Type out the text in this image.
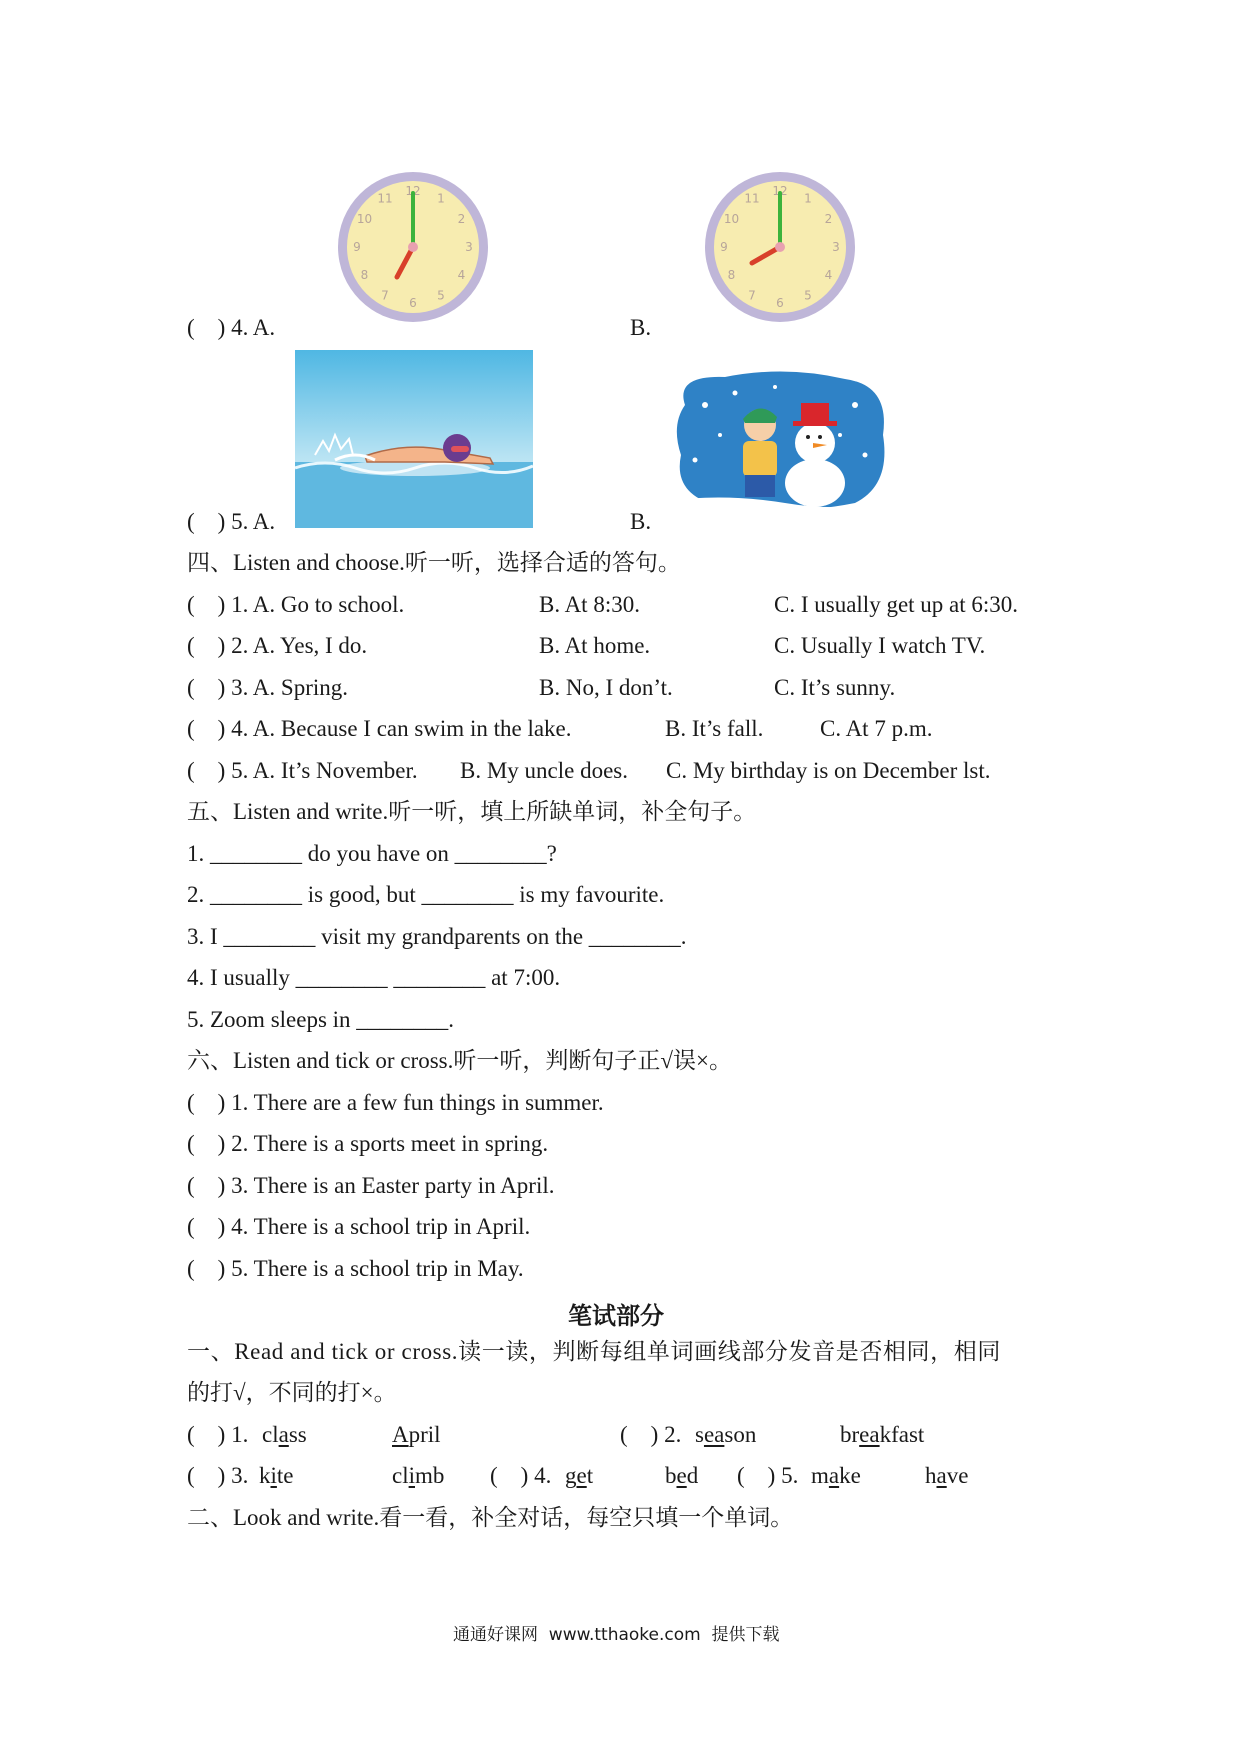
(    ) 4. A.
12
1
2
3
4
5
6
7
8
9
10
11
B.
12
1
2
3
4
5
6
7
8
9
10
11
(    ) 5. A.	B.
四、Listen and choose.听一听，选择合适的答句。
(    ) 1. A. Go to school.	B. At 8:30.	C. I usually get up at 6:30.
(    ) 2. A. Yes, I do.	B. At home.	C. Usually I watch TV.
(    ) 3. A. Spring.	B. No, I don’t.	C. It’s sunny.
(    ) 4. A. Because I can swim in the lake.	B. It’s fall. C. At 7 p.m.
(    ) 5. A. It’s November. B. My uncle does. C. My birthday is on December lst.
五、Listen and write.听一听，填上所缺单词，补全句子。
1. ________ do you have on ________?
2. ________ is good, but ________ is my favourite.
3. I ________ visit my grandparents on the ________.
4. I usually ________ ________ at 7:00.
5. Zoom sleeps in ________.
六、Listen and tick or cross.听一听，判断句子正√误×。
(    ) 1. There are a few fun things in summer.
(    ) 2. There is a sports meet in spring.
(    ) 3. There is an Easter party in April.
(    ) 4. There is a school trip in April.
(    ) 5. There is a school trip in May.
笔试部分
一、Read and tick or cross.读一读，判断每组单词画线部分发音是否相同，相同
的打√，不同的打×。
(    ) 1. class	April	(    ) 2. season	breakfast
(    ) 3. kite	climb (    ) 4. get	bed (    ) 5. make	have
二、Look and write.看一看，补全对话，每空只填一个单词。
通通好课网  www.tthaoke.com  提供下载
